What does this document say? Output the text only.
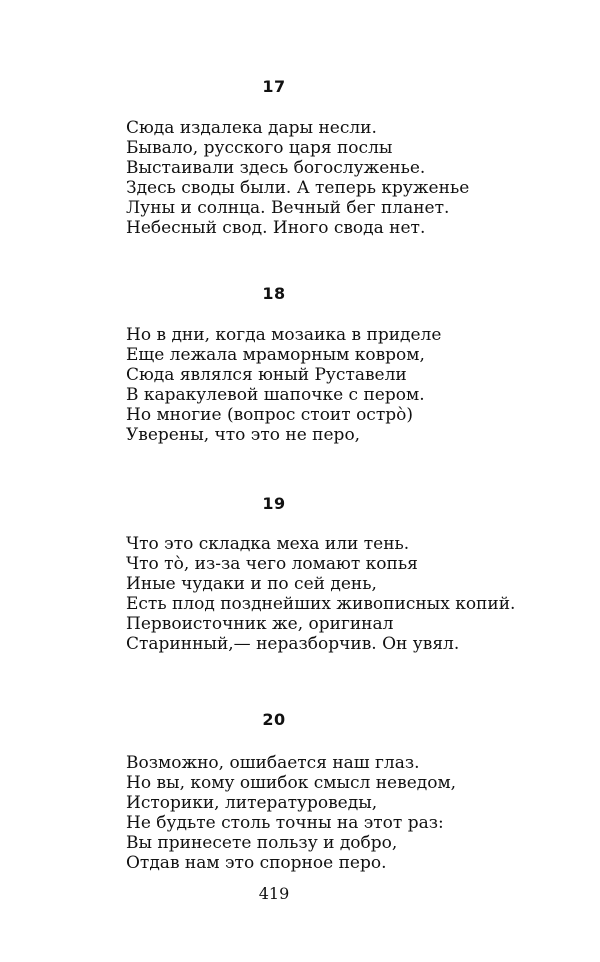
17
Сюда издалека дары несли.
Бывало, русского царя послы
Выстаивали здесь богослуженье.
Здесь своды были. А теперь круженье
Луны и солнца. Вечный бег планет.
Небесный свод. Иного свода нет.
18
Но в дни, когда мозаика в приделе
Еще лежала мраморным ковром,
Сюда являлся юный Руставели
В каракулевой шапочке с пером.
Но многие (вопрос стоит остро̀)
Уверены, что это не перо,
19
Что это складка меха или тень.
Что то̀, из-за чего ломают копья
Иные чудаки и по сей день,
Есть плод позднейших живописных копий.
Первоисточник же, оригинал
Старинный,— неразборчив. Он увял.
20
Возможно, ошибается наш глаз.
Но вы, кому ошибок смысл неведом,
Историки, литературоведы,
Не будьте столь точны на этот раз:
Вы принесете пользу и добро,
Отдав нам это спорное перо.
419
